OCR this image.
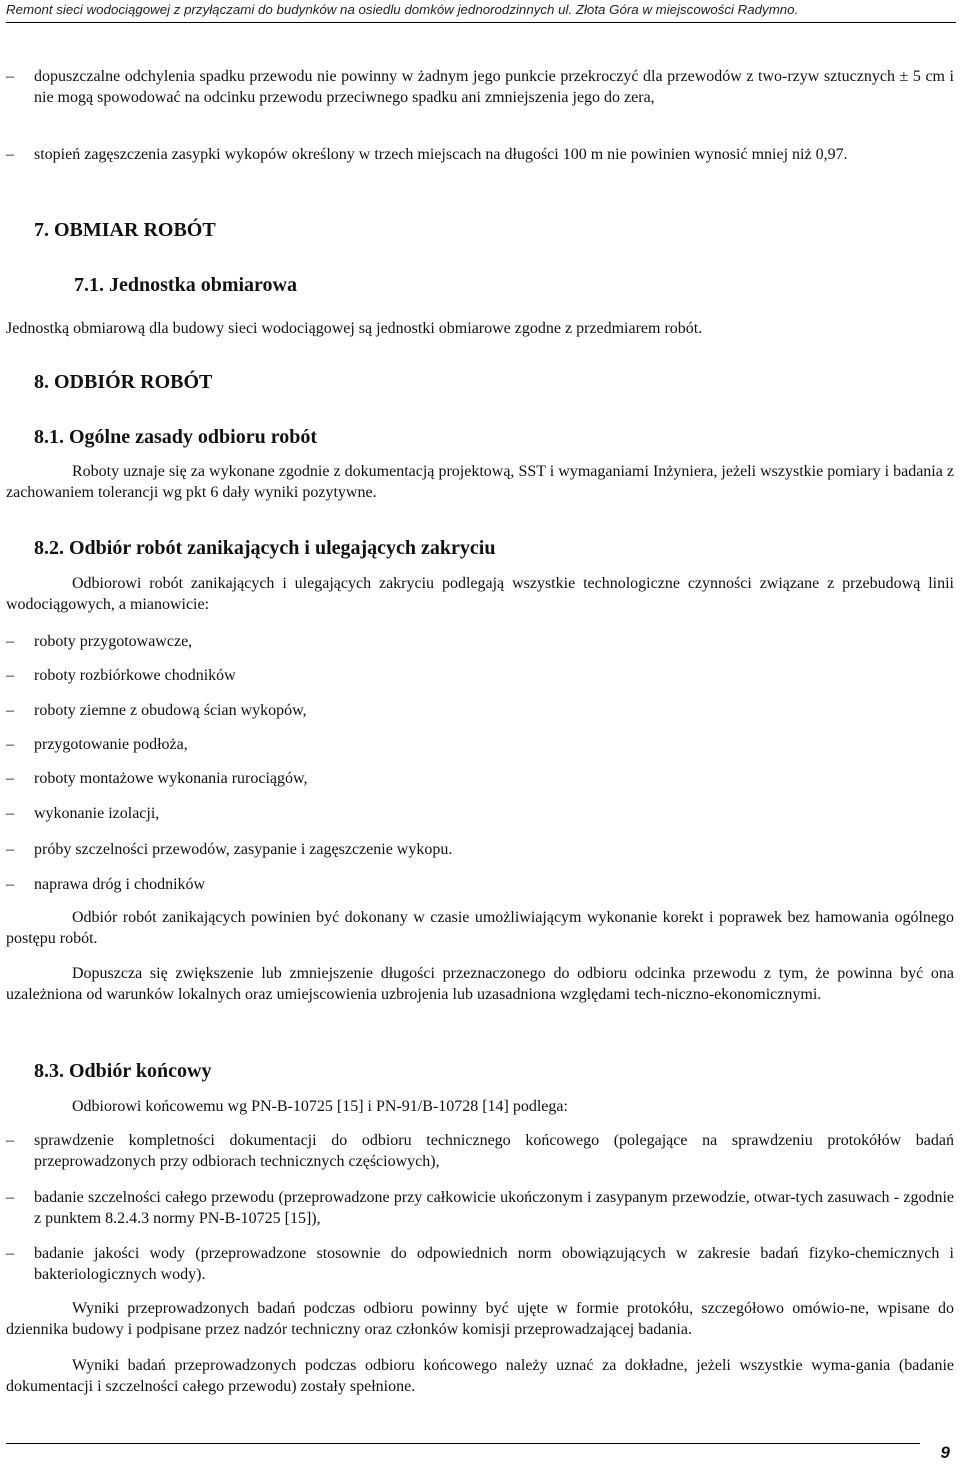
Remont sieci wodociągowej z przyłączami do budynków na osiedlu domków jednorodzinnych ul. Złota Góra w miejscowości Radymno.
–	dopuszczalne odchylenia spadku przewodu nie powinny w żadnym jego punkcie przekroczyć dla przewodów z two-rzyw sztucznych ± 5 cm i nie mogą spowodować na odcinku przewodu przeciwnego spadku ani zmniejszenia jego do zera,
–	stopień zagęszczenia zasypki wykopów określony w trzech miejscach na długości 100 m nie powinien wynosić mniej niż 0,97.
7. OBMIAR ROBÓT
7.1. Jednostka obmiarowa
Jednostką obmiarową dla budowy sieci wodociągowej są jednostki obmiarowe zgodne z przedmiarem robót.
8. ODBIÓR ROBÓT
8.1. Ogólne zasady odbioru robót
Roboty uznaje się za wykonane zgodnie z dokumentacją projektową, SST i wymaganiami Inżyniera, jeżeli wszystkie pomiary i badania z zachowaniem tolerancji wg pkt 6 dały wyniki pozytywne.
8.2. Odbiór robót zanikających i ulegających zakryciu
Odbiorowi robót zanikających i ulegających zakryciu podlegają wszystkie technologiczne czynności związane z przebudową linii wodociągowych, a mianowicie:
–	roboty przygotowawcze,
–	roboty rozbiórkowe chodników
–	roboty ziemne z obudową ścian wykopów,
–	przygotowanie podłoża,
–	roboty montażowe wykonania rurociągów,
–	wykonanie izolacji,
–	próby szczelności przewodów, zasypanie i zagęszczenie wykopu.
–	naprawa dróg i chodników
Odbiór robót zanikających powinien być dokonany w czasie umożliwiającym wykonanie korekt i poprawek bez hamowania ogólnego postępu robót.
Dopuszcza się zwiększenie lub zmniejszenie długości przeznaczonego do odbioru odcinka przewodu z tym, że powinna być ona uzależniona od warunków lokalnych oraz umiejscowienia uzbrojenia lub uzasadniona względami tech-niczno-ekonomicznymi.
8.3. Odbiór końcowy
Odbiorowi końcowemu wg PN-B-10725 [15] i PN-91/B-10728 [14] podlega:
–	sprawdzenie kompletności dokumentacji do odbioru technicznego końcowego (polegające na sprawdzeniu protokółów badań przeprowadzonych przy odbiorach technicznych częściowych),
–	badanie szczelności całego przewodu (przeprowadzone przy całkowicie ukończonym i zasypanym przewodzie, otwar-tych zasuwach - zgodnie z punktem 8.2.4.3 normy PN-B-10725 [15]),
–	badanie jakości wody (przeprowadzone stosownie do odpowiednich norm obowiązujących w zakresie badań fizyko-chemicznych i bakteriologicznych wody).
Wyniki przeprowadzonych badań podczas odbioru powinny być ujęte w formie protokółu, szczegółowo omówio-ne, wpisane do dziennika budowy i podpisane przez nadzór techniczny oraz członków komisji przeprowadzającej badania.
Wyniki badań przeprowadzonych podczas odbioru końcowego należy uznać za dokładne, jeżeli wszystkie wyma-gania (badanie dokumentacji i szczelności całego przewodu) zostały spełnione.
9
